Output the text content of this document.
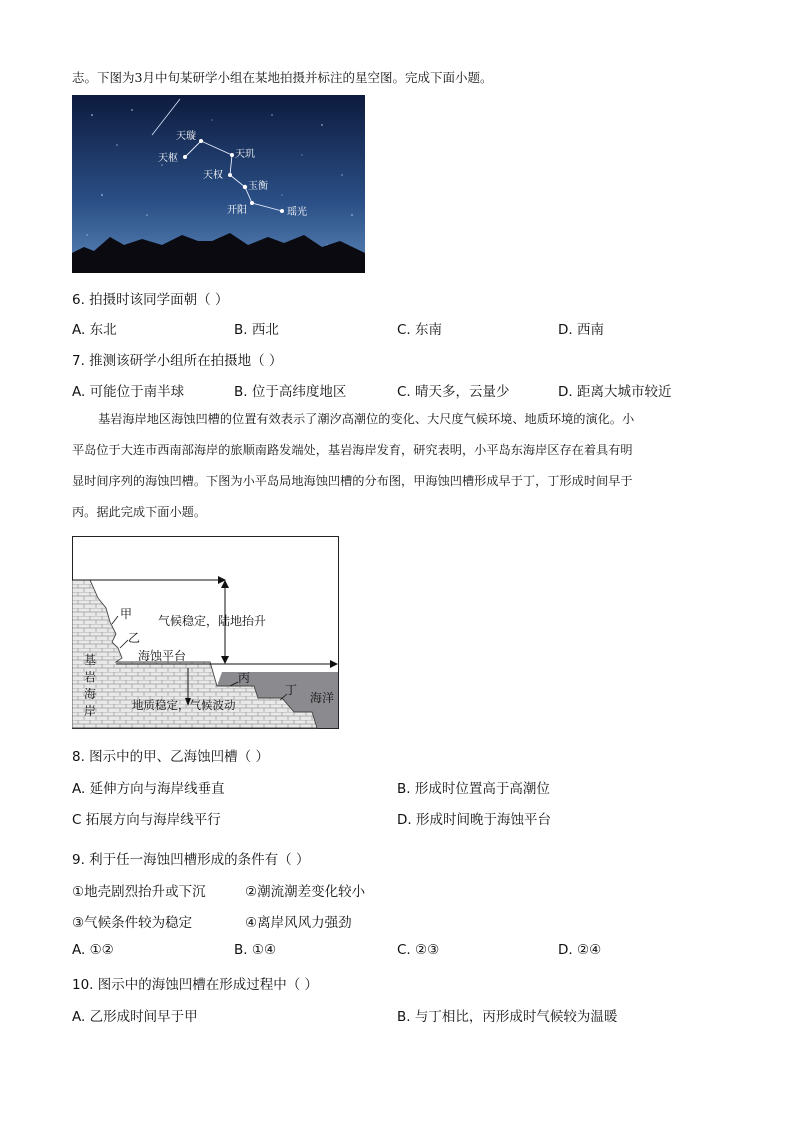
志。下图为3月中旬某研学小组在某地拍摄并标注的星空图。完成下面小题。
天璇
天枢	天玑
天权
玉衡
开阳	瑶光
6. 拍摄时该同学面朝（ ）
A. 东北	B. 西北	C. 东南	D. 西南
7. 推测该研学小组所在拍摄地（ ）
A. 可能位于南半球	B. 位于高纬度地区	C. 晴天多，云量少	D. 距离大城市较近
基岩海岸地区海蚀凹槽的位置有效表示了潮汐高潮位的变化、大尺度气候环境、地质环境的演化。小
平岛位于大连市西南部海岸的旅顺南路发端处，基岩海岸发育，研究表明，小平岛东海岸区存在着具有明
显时间序列的海蚀凹槽。下图为小平岛局地海蚀凹槽的分布图，甲海蚀凹槽形成早于丁，丁形成时间早于
丙。据此完成下面小题。
甲
乙
丙
丁
气候稳定，陆地抬升
海蚀平台
地质稳定，气候波动
基
岩
海
岸
海洋
8. 图示中的甲、乙海蚀凹槽（ ）
A. 延伸方向与海岸线垂直	B. 形成时位置高于高潮位
C 拓展方向与海岸线平行	D. 形成时间晚于海蚀平台
9. 利于任一海蚀凹槽形成的条件有（ ）
①地壳剧烈抬升或下沉	②潮流潮差变化较小
③气候条件较为稳定	④离岸风风力强劲
A. ①②	B. ①④	C. ②③	D. ②④
10. 图示中的海蚀凹槽在形成过程中（ ）
A. 乙形成时间早于甲	B. 与丁相比，丙形成时气候较为温暖
